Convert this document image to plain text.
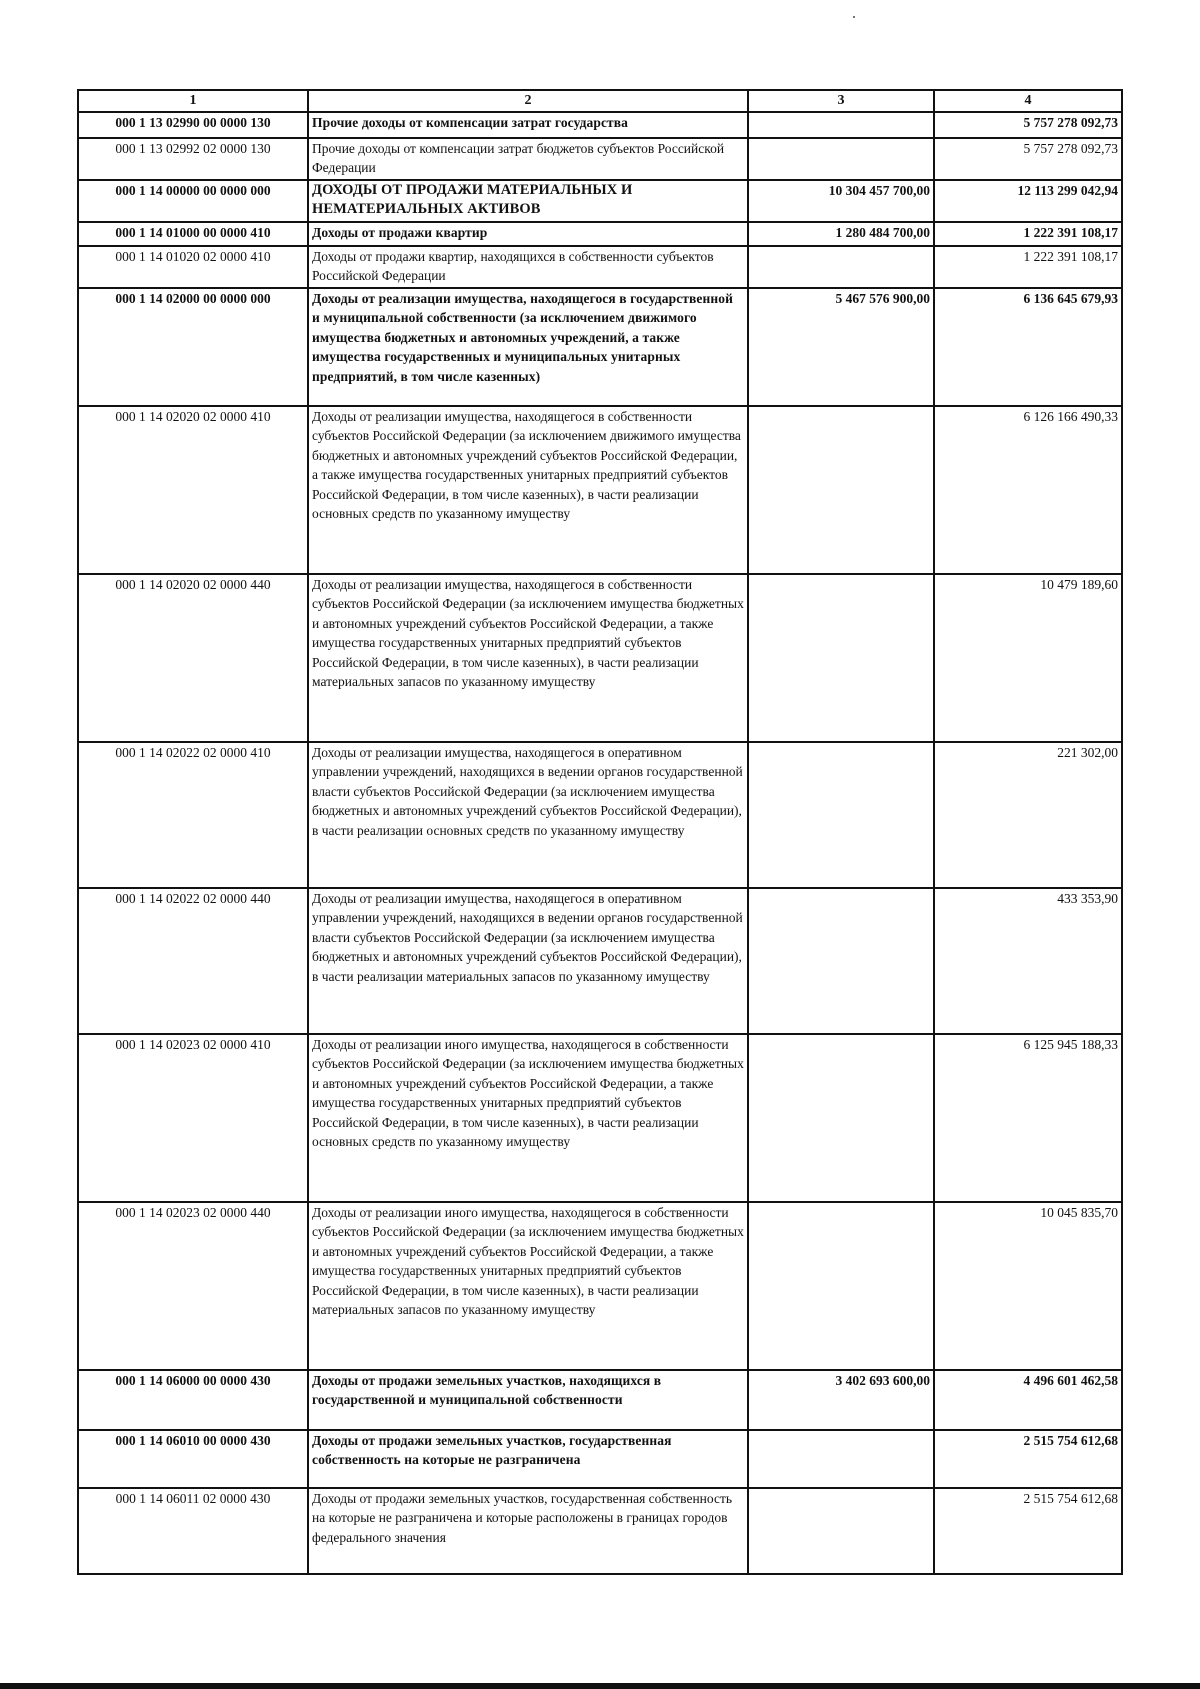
1	2	3	4
000 1 13 02990 00 0000 130	Прочие доходы от компенсации затрат государства		5 757 278 092,73
000 1 13 02992 02 0000 130	Прочие доходы от компенсации затрат бюджетов субъектов Российской Федерации		5 757 278 092,73
000 1 14 00000 00 0000 000	ДОХОДЫ ОТ ПРОДАЖИ МАТЕРИАЛЬНЫХ И НЕМАТЕРИАЛЬНЫХ АКТИВОВ	10 304 457 700,00	12 113 299 042,94
000 1 14 01000 00 0000 410	Доходы от продажи квартир	1 280 484 700,00	1 222 391 108,17
000 1 14 01020 02 0000 410	Доходы от продажи квартир, находящихся в собственности субъектов Российской Федерации		1 222 391 108,17
000 1 14 02000 00 0000 000	Доходы от реализации имущества, находящегося в государственной и муниципальной собственности (за исключением движимого имущества бюджетных и автономных учреждений, а также имущества государственных и муниципальных унитарных предприятий, в том числе казенных)	5 467 576 900,00	6 136 645 679,93
000 1 14 02020 02 0000 410	Доходы от реализации имущества, находящегося в собственности субъектов Российской Федерации (за исключением движимого имущества бюджетных и автономных учреждений субъектов Российской Федерации, а также имущества государственных унитарных предприятий субъектов Российской Федерации, в том числе казенных), в части реализации основных средств по указанному имуществу		6 126 166 490,33
000 1 14 02020 02 0000 440	Доходы от реализации имущества, находящегося в собственности субъектов Российской Федерации (за исключением имущества бюджетных и автономных учреждений субъектов Российской Федерации, а также имущества государственных унитарных предприятий субъектов Российской Федерации, в том числе казенных), в части реализации материальных запасов по указанному имуществу		10 479 189,60
000 1 14 02022 02 0000 410	Доходы от реализации имущества, находящегося в оперативном управлении учреждений, находящихся в ведении органов государственной власти субъектов Российской Федерации (за исключением имущества бюджетных и автономных учреждений субъектов Российской Федерации), в части реализации основных средств по указанному имуществу		221 302,00
000 1 14 02022 02 0000 440	Доходы от реализации имущества, находящегося в оперативном управлении учреждений, находящихся в ведении органов государственной власти субъектов Российской Федерации (за исключением имущества бюджетных и автономных учреждений субъектов Российской Федерации), в части реализации материальных запасов по указанному имуществу		433 353,90
000 1 14 02023 02 0000 410	Доходы от реализации иного имущества, находящегося в собственности субъектов Российской Федерации (за исключением имущества бюджетных и автономных учреждений субъектов Российской Федерации, а также имущества государственных унитарных предприятий субъектов Российской Федерации, в том числе казенных), в части реализации основных средств по указанному имуществу		6 125 945 188,33
000 1 14 02023 02 0000 440	Доходы от реализации иного имущества, находящегося в собственности субъектов Российской Федерации (за исключением имущества бюджетных и автономных учреждений субъектов Российской Федерации, а также имущества государственных унитарных предприятий субъектов Российской Федерации, в том числе казенных), в части реализации материальных запасов по указанному имуществу		10 045 835,70
000 1 14 06000 00 0000 430	Доходы от продажи земельных участков, находящихся в государственной и муниципальной собственности	3 402 693 600,00	4 496 601 462,58
000 1 14 06010 00 0000 430	Доходы от продажи земельных участков, государственная собственность на которые не разграничена		2 515 754 612,68
000 1 14 06011 02 0000 430	Доходы от продажи земельных участков, государственная собственность на которые не разграничена и которые расположены в границах городов федерального значения		2 515 754 612,68
